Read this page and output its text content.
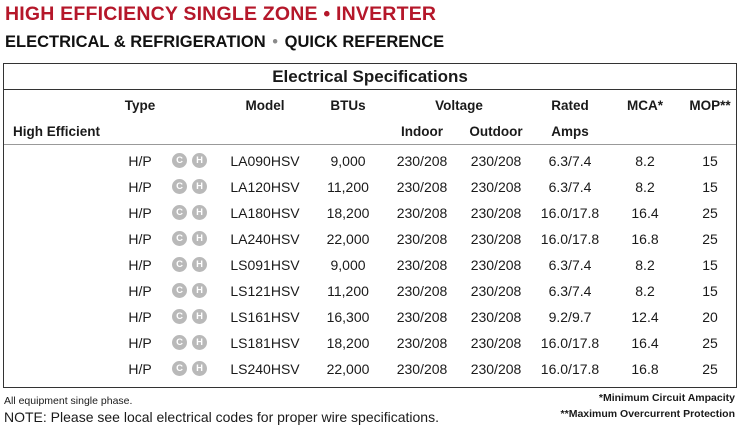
HIGH EFFICIENCY SINGLE ZONE • INVERTER
ELECTRICAL & REFRIGERATION • QUICK REFERENCE
Electrical Specifications
Type	Model	BTUs	Voltage	Rated	MCA* MOP**
High Efficient	Indoor Outdoor Amps
H/P	C	H LA090HSV 9,000 230/208 230/208 6.3/7.4	8.2	15
H/P	C	H LA120HSV 11,200 230/208 230/208 6.3/7.4	8.2	15
H/P	C	H LA180HSV 18,200 230/208 230/208 16.0/17.8 16.4	25
H/P	C	H LA240HSV 22,000 230/208 230/208 16.0/17.8 16.8	25
H/P	C	H LS091HSV 9,000 230/208 230/208 6.3/7.4	8.2	15
H/P	C	H LS121HSV 11,200 230/208 230/208 6.3/7.4	8.2	15
H/P	C	H LS161HSV 16,300 230/208 230/208 9.2/9.7	12.4	20
H/P	C	H LS181HSV 18,200 230/208 230/208 16.0/17.8 16.4	25
H/P	C	H LS240HSV 22,000 230/208 230/208 16.0/17.8 16.8	25
All equipment single phase.
NOTE: Please see local electrical codes for proper wire specifications.
*Minimum Circuit Ampacity
**Maximum Overcurrent Protection
